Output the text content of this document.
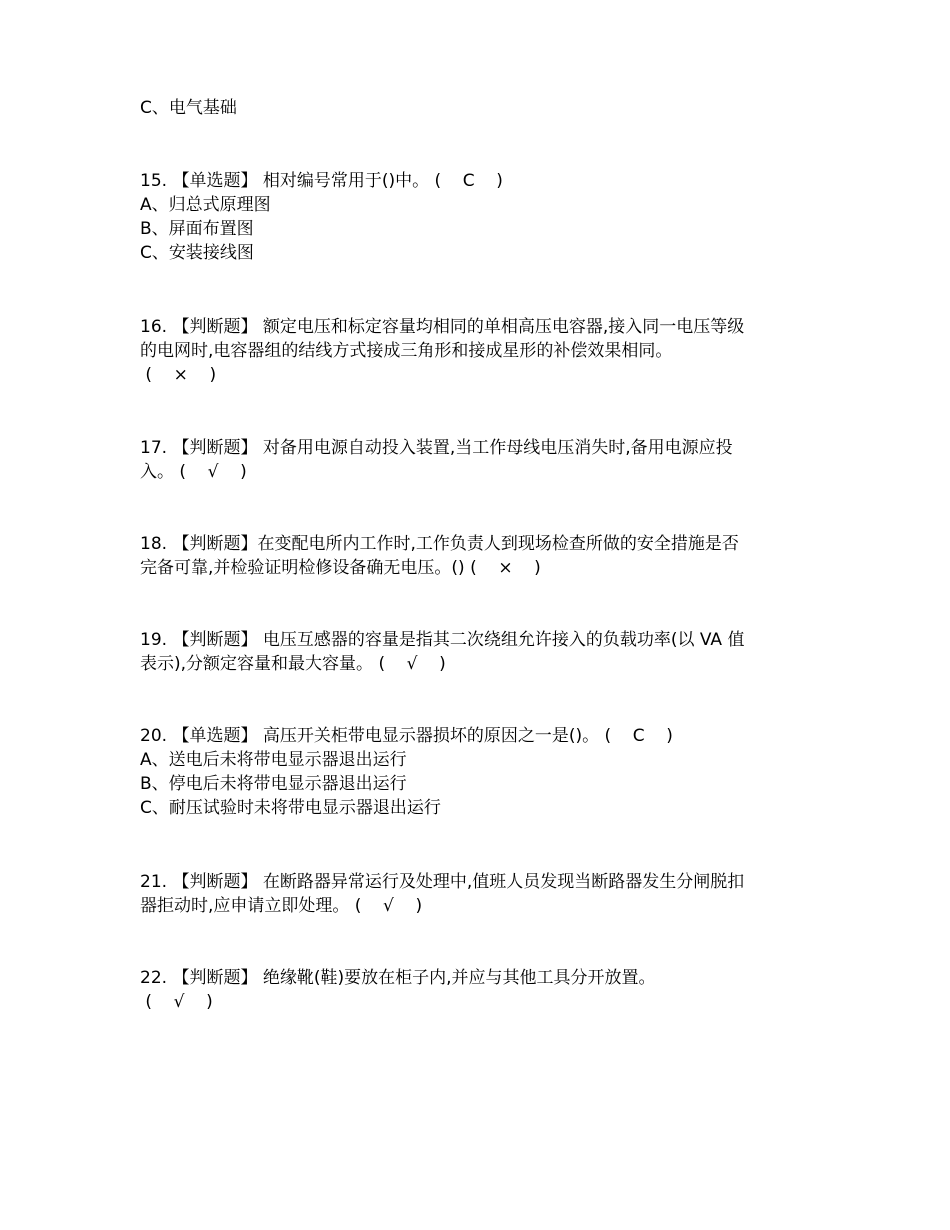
C、电气基础
15. 【单选题】 相对编号常用于()中。 (    C    )
A、归总式原理图
B、屏面布置图
C、安装接线图
16. 【判断题】 额定电压和标定容量均相同的单相高压电容器,接入同一电压等级
的电网时,电容器组的结线方式接成三角形和接成星形的补偿效果相同。
(    ×    )
17. 【判断题】 对备用电源自动投入装置,当工作母线电压消失时,备用电源应投
入。 (    √    )
18. 【判断题】在变配电所内工作时,工作负责人到现场检查所做的安全措施是否
完备可靠,并检验证明检修设备确无电压。() (    ×    )
19. 【判断题】 电压互感器的容量是指其二次绕组允许接入的负载功率(以 VA 值
表示),分额定容量和最大容量。 (    √    )
20. 【单选题】 高压开关柜带电显示器损坏的原因之一是()。 (    C    )
A、送电后未将带电显示器退出运行
B、停电后未将带电显示器退出运行
C、耐压试验时未将带电显示器退出运行
21. 【判断题】 在断路器异常运行及处理中,值班人员发现当断路器发生分闸脱扣
器拒动时,应申请立即处理。 (    √    )
22. 【判断题】 绝缘靴(鞋)要放在柜子内,并应与其他工具分开放置。
(    √    )
